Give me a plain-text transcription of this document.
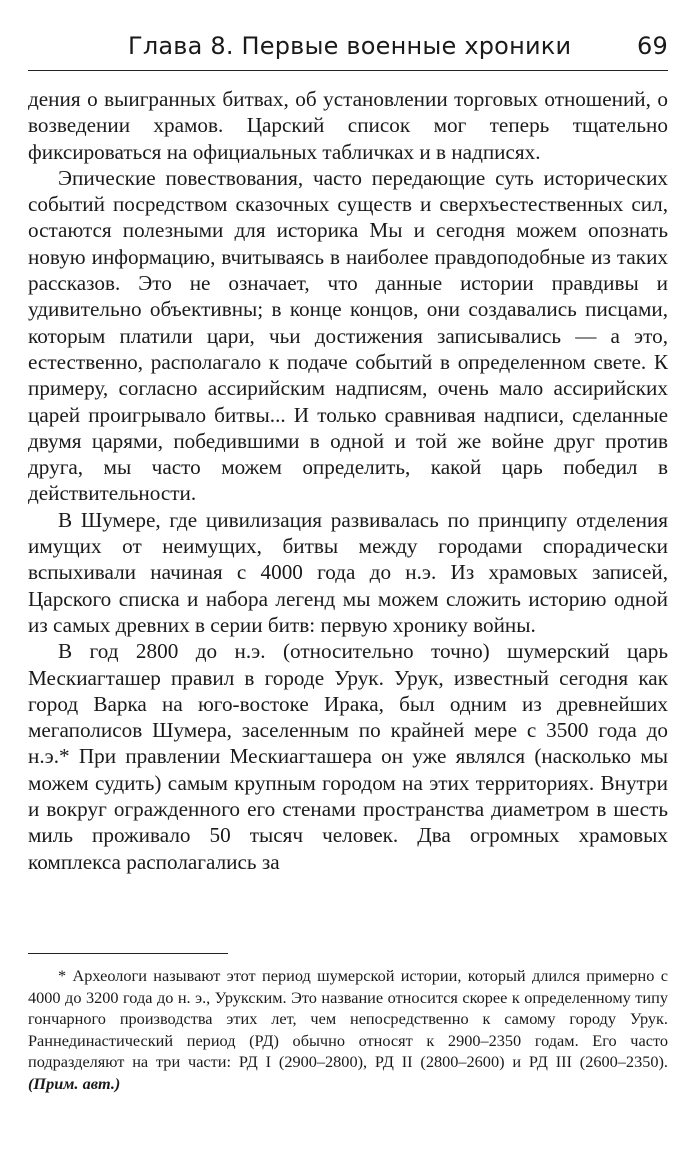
Глава 8. Первые военные хроники	69

дения о выигранных битвах, об установлении торговых отношений, о возведении храмов. Царский список мог теперь тщательно фиксироваться на официальных табличках и в надписях.

Эпические повествования, часто передающие суть исторических событий посредством сказочных существ и сверхъестественных сил, остаются полезными для историка Мы и сегодня можем опознать новую информацию, вчитываясь в наиболее правдоподобные из таких рассказов. Это не означает, что данные истории правдивы и удивительно объективны; в конце концов, они создавались писцами, которым платили цари, чьи достижения записывались — а это, естественно, располагало к подаче событий в определенном свете. К примеру, согласно ассирийским надписям, очень мало ассирийских царей проигрывало битвы... И только сравнивая надписи, сделанные двумя царями, победившими в одной и той же войне друг против друга, мы часто можем определить, какой царь победил в действительности.

В Шумере, где цивилизация развивалась по принципу отделения имущих от неимущих, битвы между городами спорадически вспыхивали начиная с 4000 года до н.э. Из храмовых записей, Царского списка и набора легенд мы можем сложить историю одной из самых древних в серии битв: первую хронику войны.

В год 2800 до н.э. (относительно точно) шумерский царь Мескиагташер правил в городе Урук. Урук, известный сегодня как город Варка на юго-востоке Ирака, был одним из древнейших мегаполисов Шумера, заселенным по крайней мере с 3500 года до н.э.* При правлении Мескиагташера он уже являлся (насколько мы можем судить) самым крупным городом на этих территориях. Внутри и вокруг огражденного его стенами пространства диаметром в шесть миль проживало 50 тысяч человек. Два огромных храмовых комплекса располагались за

* Археологи называют этот период шумерской истории, который длился примерно с 4000 до 3200 года до н. э., Урукским. Это название относится скорее к определенному типу гончарного производства этих лет, чем непосредственно к самому городу Урук. Раннединастический период (РД) обычно относят к 2900–2350 годам. Его часто подразделяют на три части: РД I (2900–2800), РД II (2800–2600) и РД III (2600–2350). (Прим. авт.)
